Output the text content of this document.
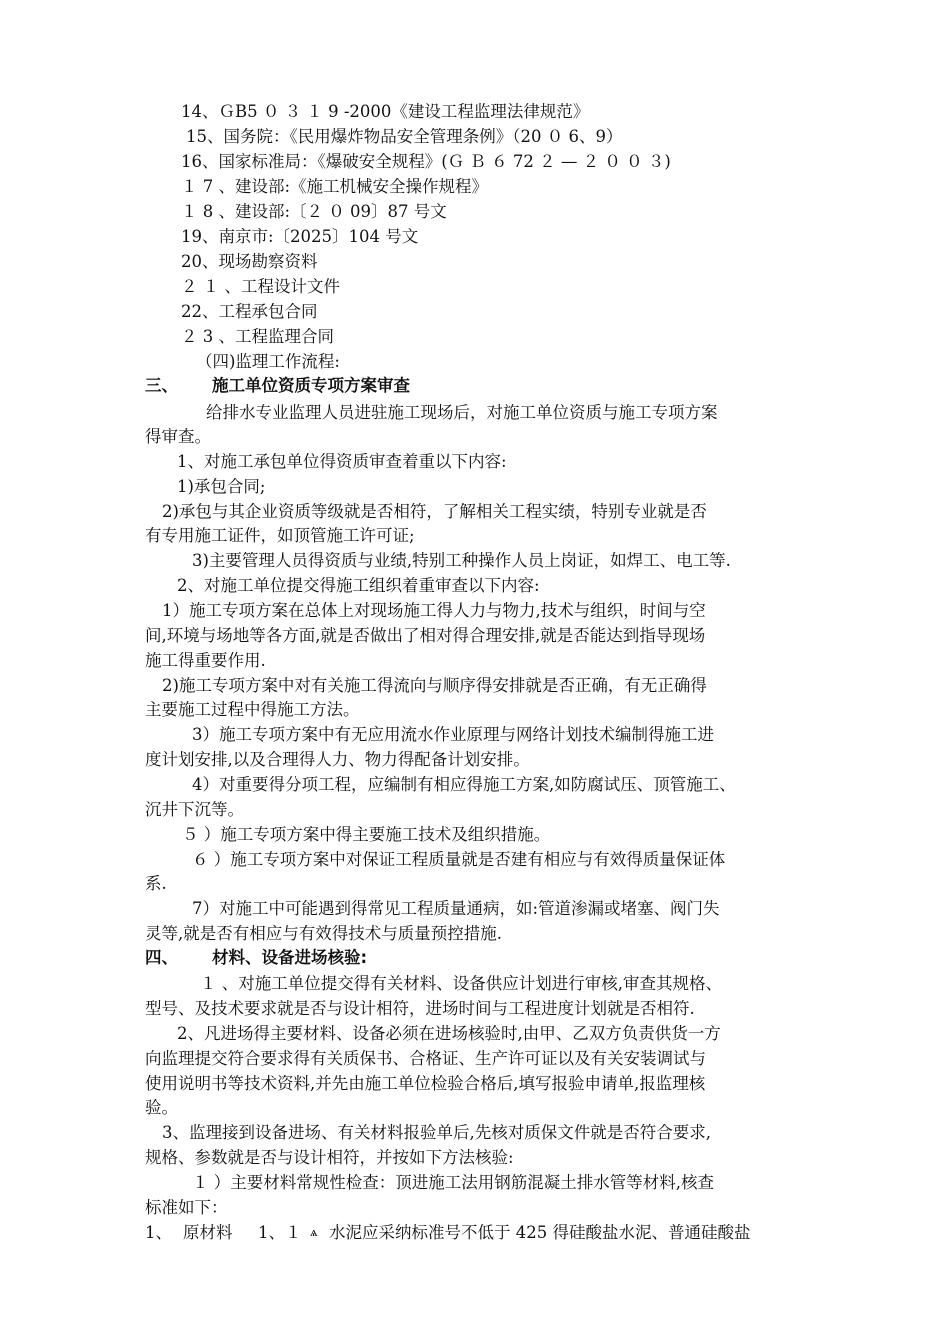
14、ＧB5 ０ ３ １ 9 -2000《建设工程监理法律规范》
15、国务院：《民用爆炸物品安全管理条例》（20 ０ 6、9）
16、国家标准局：《爆破安全规程》(Ｇ Ｂ ６ 72 ２ — ２ ０ ０ ３)
１ 7 、建设部:《施工机械安全操作规程》
１ 8 、建设部:〔２ ０ 09〕87 号文
19、南京市:〔2025〕104 号文
20、现场勘察资料
２ １ 、工程设计文件
22、工程承包合同
２ 3 、工程监理合同
（四)监理工作流程:
三、 施工单位资质专项方案审查
给排水专业监理人员进驻施工现场后，对施工单位资质与施工专项方案
得审查。
1、对施工承包单位得资质审查着重以下内容:
1)承包合同;
2)承包与其企业资质等级就是否相符，了解相关工程实绩，特别专业就是否
有专用施工证件，如顶管施工许可证;
3)主要管理人员得资质与业绩,特别工种操作人员上岗证，如焊工、电工等.
2、对施工单位提交得施工组织着重审查以下内容:
1）施工专项方案在总体上对现场施工得人力与物力,技术与组织，时间与空
间,环境与场地等各方面,就是否做出了相对得合理安排,就是否能达到指导现场
施工得重要作用.
2)施工专项方案中对有关施工得流向与顺序得安排就是否正确，有无正确得
主要施工过程中得施工方法。
3）施工专项方案中有无应用流水作业原理与网络计划技术编制得施工进
度计划安排,以及合理得人力、物力得配备计划安排。
4）对重要得分项工程，应编制有相应得施工方案,如防腐试压、顶管施工、
沉井下沉等。
５ ）施工专项方案中得主要施工技术及组织措施。
６ ）施工专项方案中对保证工程质量就是否建有相应与有效得质量保证体
系.
7）对施工中可能遇到得常见工程质量通病，如:管道渗漏或堵塞、阀门失
灵等,就是否有相应与有效得技术与质量预控措施.
四、 材料、设备进场核验:
１ 、对施工单位提交得有关材料、设备供应计划进行审核,审查其规格、
型号、及技术要求就是否与设计相符，进场时间与工程进度计划就是否相符.
2、凡进场得主要材料、设备必须在进场核验时,由甲、乙双方负责供货一方
向监理提交符合要求得有关质保书、合格证、生产许可证以及有关安装调试与
使用说明书等技术资料,并先由施工单位检验合格后,填写报验申请单,报监理核
验。
3、监理接到设备进场、有关材料报验单后,先核对质保文件就是否符合要求,
规格、参数就是否与设计相符，并按如下方法核验:
１ ）主要材料常规性检查：顶进施工法用钢筋混凝土排水管等材料,核查
标准如下：
1、 原材料 1、１ ѧ 水泥应采纳标准号不低于 425 得硅酸盐水泥、普通硅酸盐
